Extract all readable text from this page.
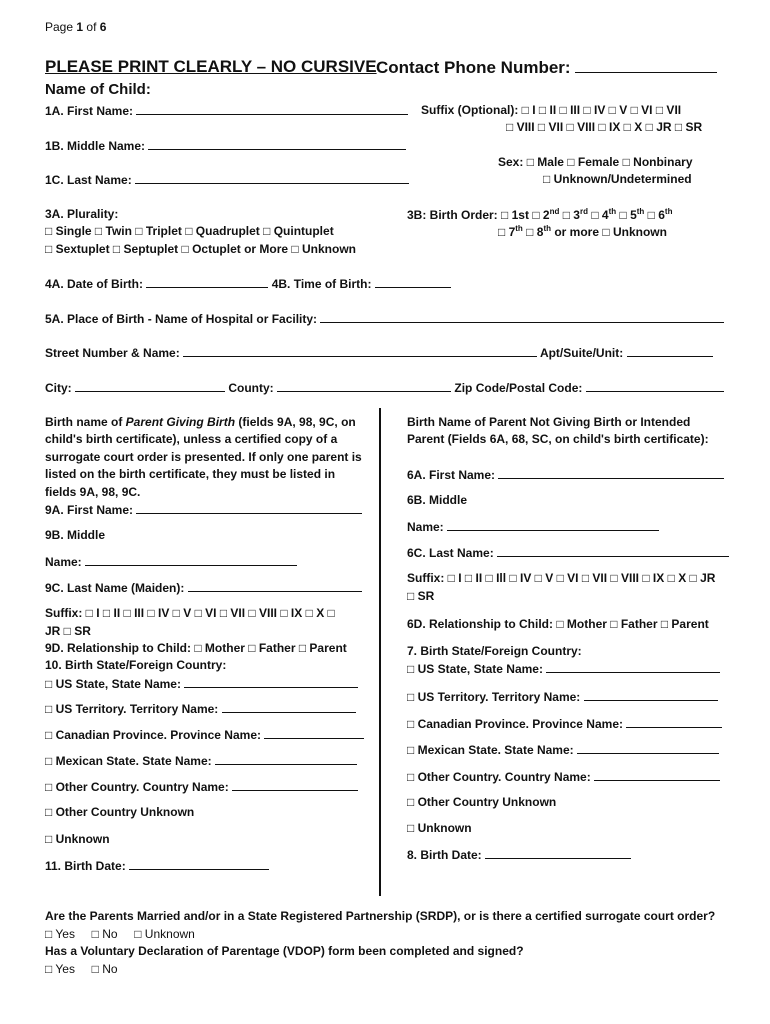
Page 1 of 6
PLEASE PRINT CLEARLY – NO CURSIVE Contact Phone Number:
Name of Child:
1A. First Name:	Suffix (Optional): □ I □ II □ III □ IV □ V □ VI □ VII
□ VIII □ VII □ VIII □ IX □ X □ JR □ SR
1B. Middle Name:
Sex: □ Male □ Female □ Nonbinary
□ Unknown/Undetermined
1C. Last Name:
3A. Plurality:
□ Single □ Twin □ Triplet □ Quadruplet □ Quintuplet
□ Sextuplet □ Septuplet □ Octuplet or More □ Unknown
3B: Birth Order: □ 1st □ 2nd □ 3rd □ 4th □ 5th □ 6th
□ 7th □ 8th or more □ Unknown
4A. Date of Birth:	4B. Time of Birth:
5A. Place of Birth - Name of Hospital or Facility:
Street Number & Name:	Apt/Suite/Unit:
City:	County:	Zip Code/Postal Code:
Birth name of Parent Giving Birth (fields 9A, 98, 9C, on child's birth certificate), unless a certified copy of a surrogate court order is presented. If only one parent is listed on the birth certificate, they must be listed in fields 9A, 98, 9C.
9A. First Name:
9B. Middle
Name:
9C. Last Name (Maiden):
Suffix: □ I □ II □ III □ IV □ V □ VI □ VII □ VIII □ IX □ X □
JR □ SR
9D. Relationship to Child: □ Mother □ Father □ Parent
10. Birth State/Foreign Country:
□ US State, State Name:
□ US Territory. Territory Name:
□ Canadian Province. Province Name:
□ Mexican State. State Name:
□ Other Country. Country Name:
□ Other Country Unknown
□ Unknown
11. Birth Date:
Birth Name of Parent Not Giving Birth or Intended Parent (Fields 6A, 68, SC, on child's birth certificate):
6A. First Name:
6B. Middle
Name:
6C. Last Name:
Suffix: □ I □ II □ Ill □ IV □ V □ VI □ VII □ VIII □ IX □ X □ JR
□ SR
6D. Relationship to Child: □ Mother □ Father □ Parent
7. Birth State/Foreign Country:
□ US State, State Name:
□ US Territory. Territory Name:
□ Canadian Province. Province Name:
□ Mexican State. State Name:
□ Other Country. Country Name:
□ Other Country Unknown
□ Unknown
8. Birth Date:
Are the Parents Married and/or in a State Registered Partnership (SRDP), or is there a certified surrogate court order?
□ Yes □ No □ Unknown
Has a Voluntary Declaration of Parentage (VDOP) form been completed and signed?
□ Yes □ No
